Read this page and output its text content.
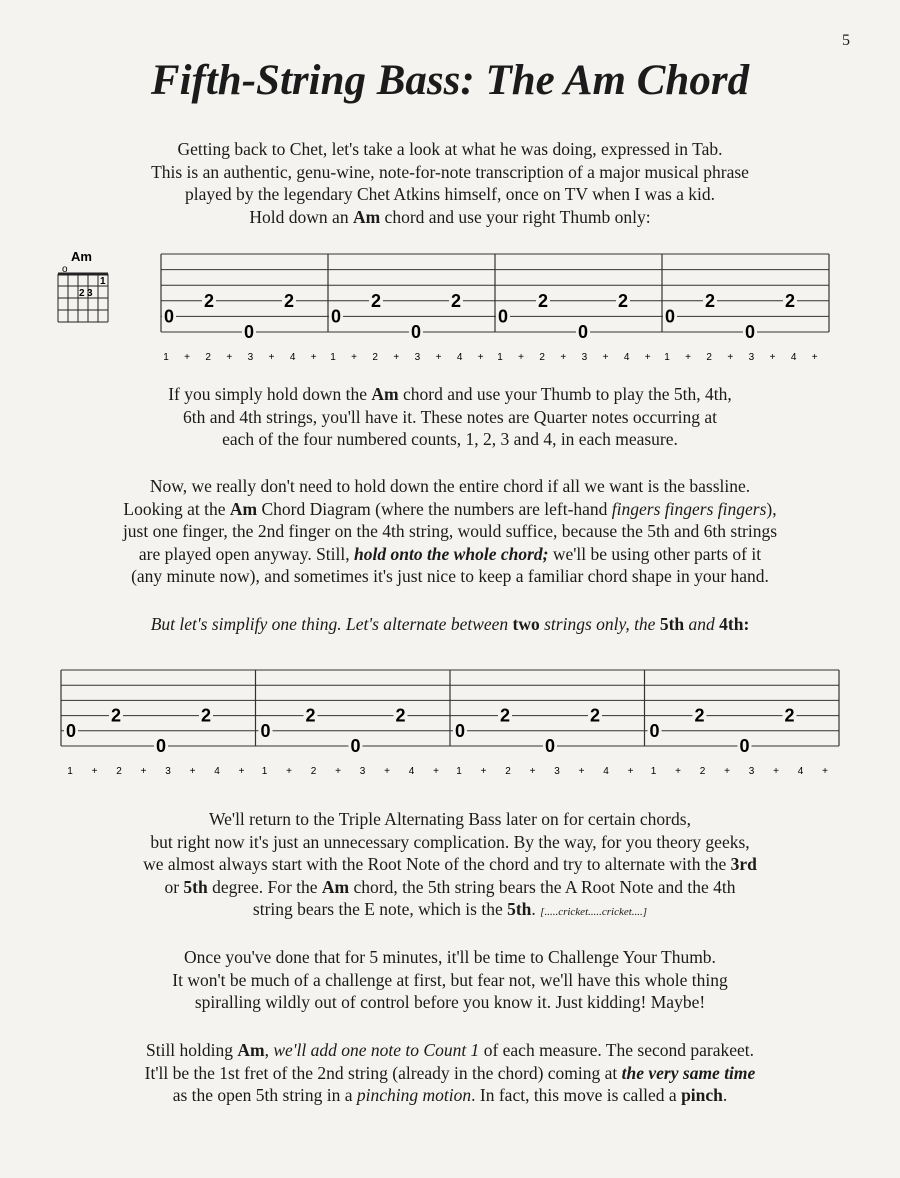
5
Fifth-String Bass: The Am Chord
Getting back to Chet, let's take a look at what he was doing, expressed in Tab.
This is an authentic, genu-wine, note-for-note transcription of a major musical phrase
played by the legendary Chet Atkins himself, once on TV when I was a kid.
Hold down an Am chord and use your right Thumb only:
Am
o
1
2 3
0
2
0
2
1 + 2 + 3 + 4 +
0
2
0
2
1 + 2 + 3 + 4 +
0
2
0
2
1 + 2 + 3 + 4 +
0
2
0
2
1 + 2 + 3 + 4 +
If you simply hold down the Am chord and use your Thumb to play the 5th, 4th,
6th and 4th strings, you'll have it. These notes are Quarter notes occurring at
each of the four numbered counts, 1, 2, 3 and 4, in each measure.
Now, we really don't need to hold down the entire chord if all we want is the bassline.
Looking at the Am Chord Diagram (where the numbers are left-hand fingers fingers fingers),
just one finger, the 2nd finger on the 4th string, would suffice, because the 5th and 6th strings
are played open anyway. Still, hold onto the whole chord; we'll be using other parts of it
(any minute now), and sometimes it's just nice to keep a familiar chord shape in your hand.
But let's simplify one thing. Let's alternate between two strings only, the 5th and 4th:
0
2
0
2
1 + 2 + 3 + 4 +
0
2
0
2
1 + 2 + 3 + 4 +
0
2
0
2
1 + 2 + 3 + 4 +
0
2
0
2
1 + 2 + 3 + 4 +
We'll return to the Triple Alternating Bass later on for certain chords,
but right now it's just an unnecessary complication. By the way, for you theory geeks,
we almost always start with the Root Note of the chord and try to alternate with the 3rd
or 5th degree. For the Am chord, the 5th string bears the A Root Note and the 4th
string bears the E note, which is the 5th. [.....cricket.....cricket....]
Once you've done that for 5 minutes, it'll be time to Challenge Your Thumb.
It won't be much of a challenge at first, but fear not, we'll have this whole thing
spiralling wildly out of control before you know it. Just kidding! Maybe!
Still holding Am, we'll add one note to Count 1 of each measure. The second parakeet.
It'll be the 1st fret of the 2nd string (already in the chord) coming at the very same time
as the open 5th string in a pinching motion. In fact, this move is called a pinch.
